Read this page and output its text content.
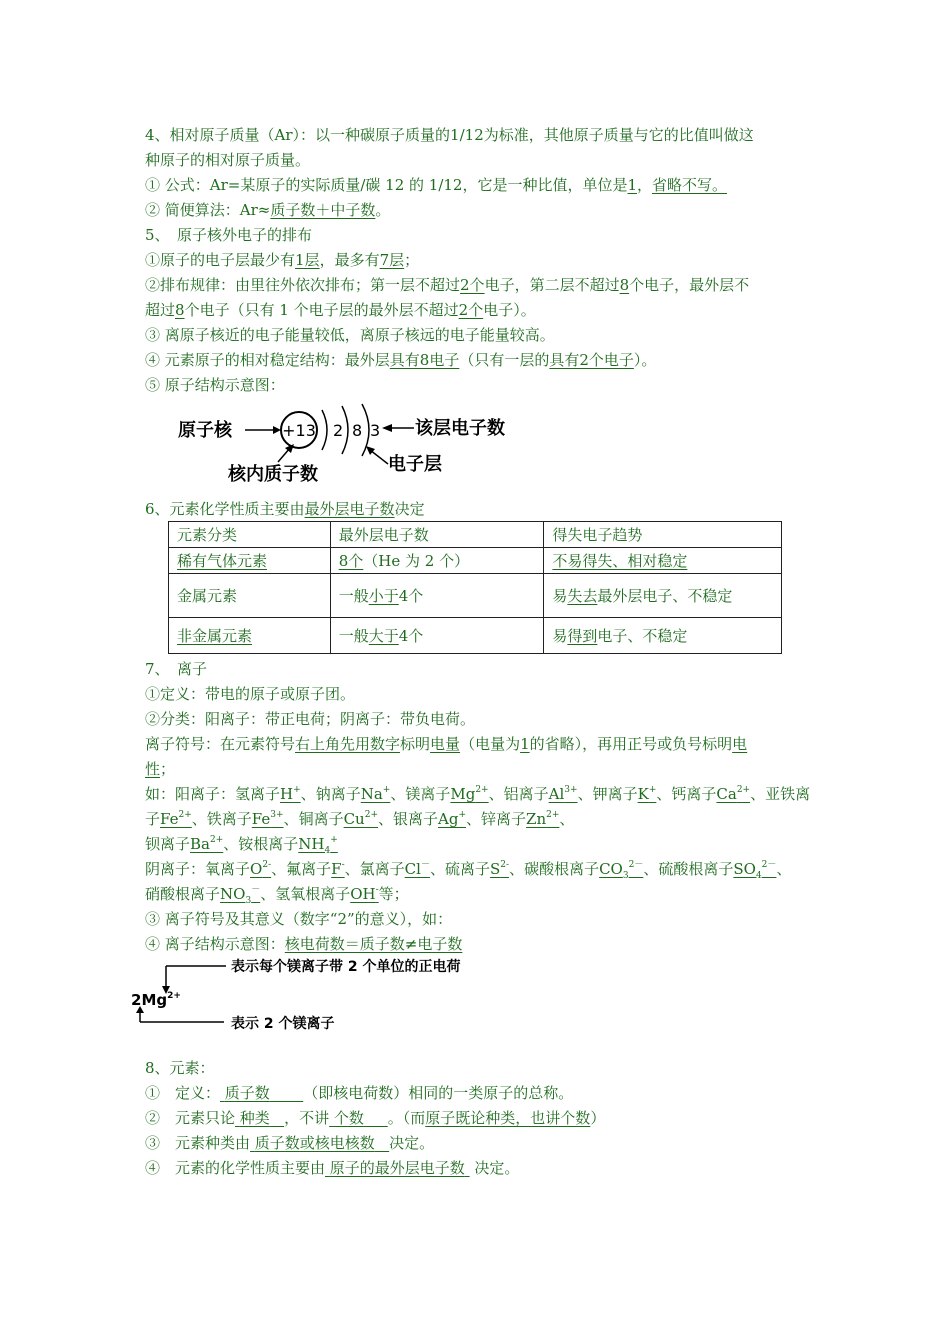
4、相对原子质量（Ar）：以一种碳原子质量的1/12为标准，其他原子质量与它的比值叫做这
种原子的相对原子质量。
① 公式：Ar=某原子的实际质量/碳 12 的 1/12，它是一种比值，单位是1，省略不写。
② 简便算法：Ar≈质子数＋中子数。
5、　原子核外电子的排布
①原子的电子层最少有1层，最多有7层；
②排布规律：由里往外依次排布；第一层不超过2个电子，第二层不超过8个电子，最外层不
超过8个电子（只有 1 个电子层的最外层不超过2个电子）。
③ 离原子核近的电子能量较低，离原子核远的电子能量较高。
④ 元素原子的相对稳定结构：最外层具有8电子（只有一层的具有2个电子）。
⑤ 原子结构示意图：
原子核	+13 2 8 3 该层电子数
电子层
核内质子数
6、元素化学性质主要由最外层电子数决定
元素分类	最外层电子数	得失电子趋势
稀有气体元素	8个（He 为 2 个）	不易得失、相对稳定
金属元素	一般小于4个	易失去最外层电子、不稳定
非金属元素	一般大于4个	易得到电子、不稳定
7、　离子
①定义：带电的原子或原子团。
②分类：阳离子：带正电荷；阴离子：带负电荷。
离子符号：在元素符号右上角先用数字标明电量（电量为1的省略），再用正号或负号标明电
性；
如：阳离子：氢离子H+、钠离子Na+、镁离子$Mg^{2+}$、铝离子$Al^{3+}$、钾离子K+、钙离子$Ca^{2+}$、亚铁离
子$Fe^{2+}$、铁离子$Fe^{3+}$、铜离子$Cu^{2+}$、银离子Ag+、锌离子$Zn^{2+}$、
钡离子$Ba^{2+}$、铵根离子$NH_4^+$
阴离子：氧离子$O^{2-}$、氟离子F-、氯离子Cl－、硫离子$S^{2-}$、碳酸根离子$CO_3^{2-}$、硫酸根离子$SO_4^{2-}$、
硝酸根离子$NO_3^-$、氢氧根离子OH-等；
③ 离子符号及其意义（数字“2”的意义），如：
④ 离子结构示意图：核电荷数＝质子数≠电子数
表示每个镁离子带 2 个单位的正电荷
$2Mg^{2+}$
表示 2 个镁离子
8、元素：
①　定义： 质子数 （即核电荷数）相同的一类原子的总称。
②　元素只论 种类 ，不讲 个数 。（而原子既论种类，也讲个数）
③　元素种类由 质子数或核电核数 决定。
④　元素的化学性质主要由 原子的最外层电子数 决定。
